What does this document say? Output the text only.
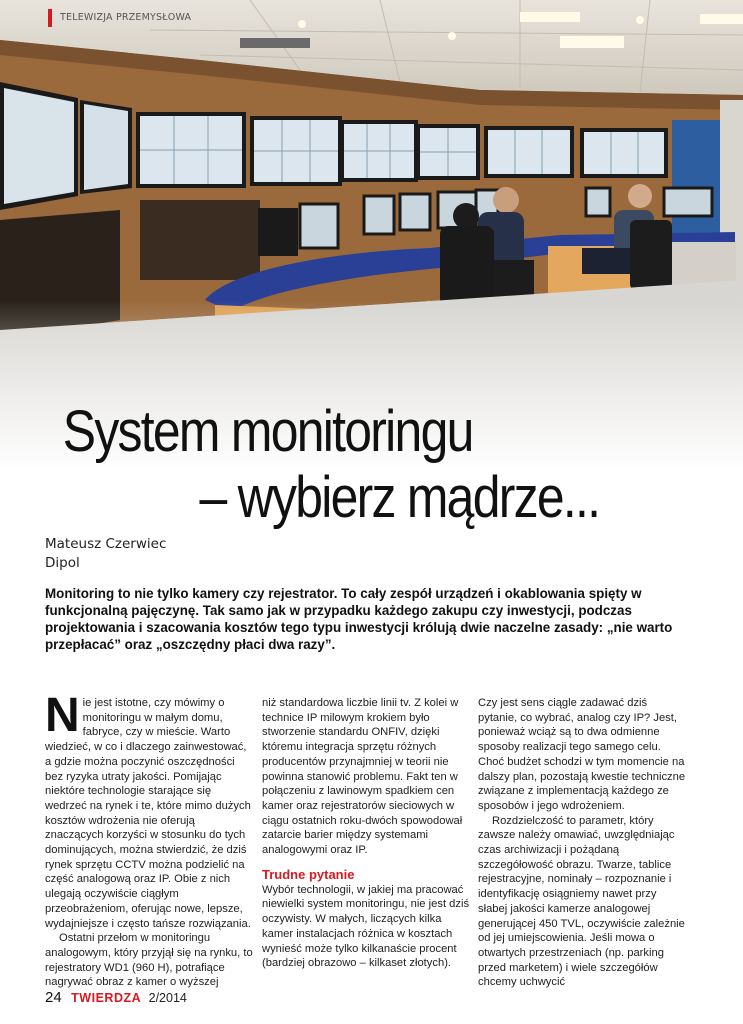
TELEWIZJA PRZEMYSŁOWA
System monitoringu
– wybierz mądrze...
Mateusz Czerwiec
Dipol
Monitoring to nie tylko kamery czy rejestrator. To cały zespół urządzeń i okablowania spięty w funkcjonalną pajęczynę. Tak samo jak w przypadku każdego zakupu czy inwestycji, podczas projektowania i szacowania kosztów tego typu inwestycji królują dwie naczelne zasady: „nie warto przepłacać” oraz „oszczędny płaci dwa razy”.

Nie jest istotne, czy mówimy o monitoringu w małym domu, fabryce, czy w mieście. Warto wiedzieć, w co i dlaczego zainwestować, a gdzie można poczynić oszczędności bez ryzyka utraty jakości. Pomijając niektóre technologie starające się wedrzeć na rynek i te, które mimo dużych kosztów wdrożenia nie oferują znaczących korzyści w stosunku do tych dominujących, można stwierdzić, że dziś rynek sprzętu CCTV można podzielić na część analogową oraz IP. Obie z nich ulegają oczywiście ciągłym przeobrażeniom, oferując nowe, lepsze, wydajniejsze i często tańsze rozwiązania.

Ostatni przełom w monitoringu analogowym, który przyjął się na rynku, to rejestratory WD1 (960 H), potrafiące nagrywać obraz z kamer o wyższej

niż standardowa liczbie linii tv. Z kolei w technice IP milowym krokiem było stworzenie standardu ONFIV, dzięki któremu integracja sprzętu różnych producentów przynajmniej w teorii nie powinna stanowić problemu. Fakt ten w połączeniu z lawinowym spadkiem cen kamer oraz rejestratorów sieciowych w ciągu ostatnich roku-dwóch spowodował zatarcie barier między systemami analogowymi oraz IP.

Trudne pytanie

Wybór technologii, w jakiej ma pracować niewielki system monitoringu, nie jest dziś oczywisty. W małych, liczących kilka kamer instalacjach różnica w kosztach wynieść może tylko kilkanaście procent (bardziej obrazowo – kilkaset złotych).

Czy jest sens ciągle zadawać dziś pytanie, co wybrać, analog czy IP? Jest, ponieważ wciąż są to dwa odmienne sposoby realizacji tego samego celu. Choć budżet schodzi w tym momencie na dalszy plan, pozostają kwestie techniczne związane z implementacją każdego ze sposobów i jego wdrożeniem.

Rozdzielczość to parametr, który zawsze należy omawiać, uwzględniając czas archiwizacji i pożądaną szczegółowość obrazu. Twarze, tablice rejestracyjne, nominały – rozpoznanie i identyfikację osiągniemy nawet przy słabej jakości kamerze analogowej generującej 450 TVL, oczywiście zależnie od jej umiejscowienia. Jeśli mowa o otwartych przestrzeniach (np. parking przed marketem) i wiele szczegółów chcemy uchwycić

24 TWIERDZA 2/2014
